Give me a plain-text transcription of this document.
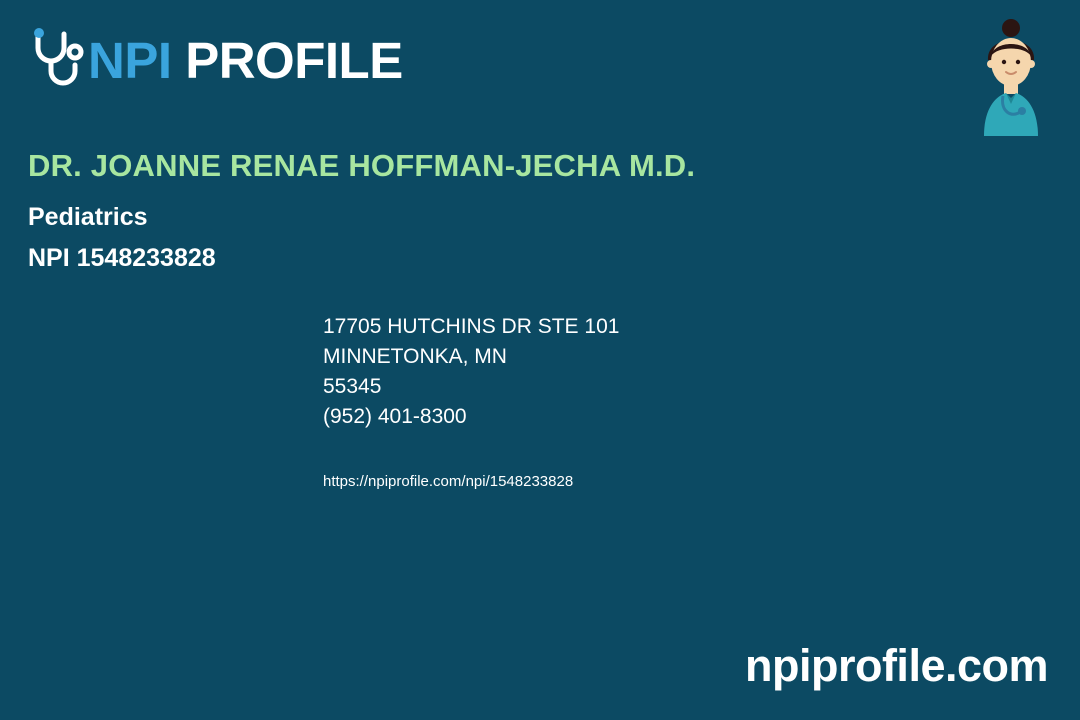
NPI PROFILE
DR. JOANNE RENAE HOFFMAN-JECHA M.D.
Pediatrics
NPI 1548233828
17705 HUTCHINS DR STE 101
MINNETONKA, MN
55345
(952) 401-8300
https://npiprofile.com/npi/1548233828
npiprofile.com
